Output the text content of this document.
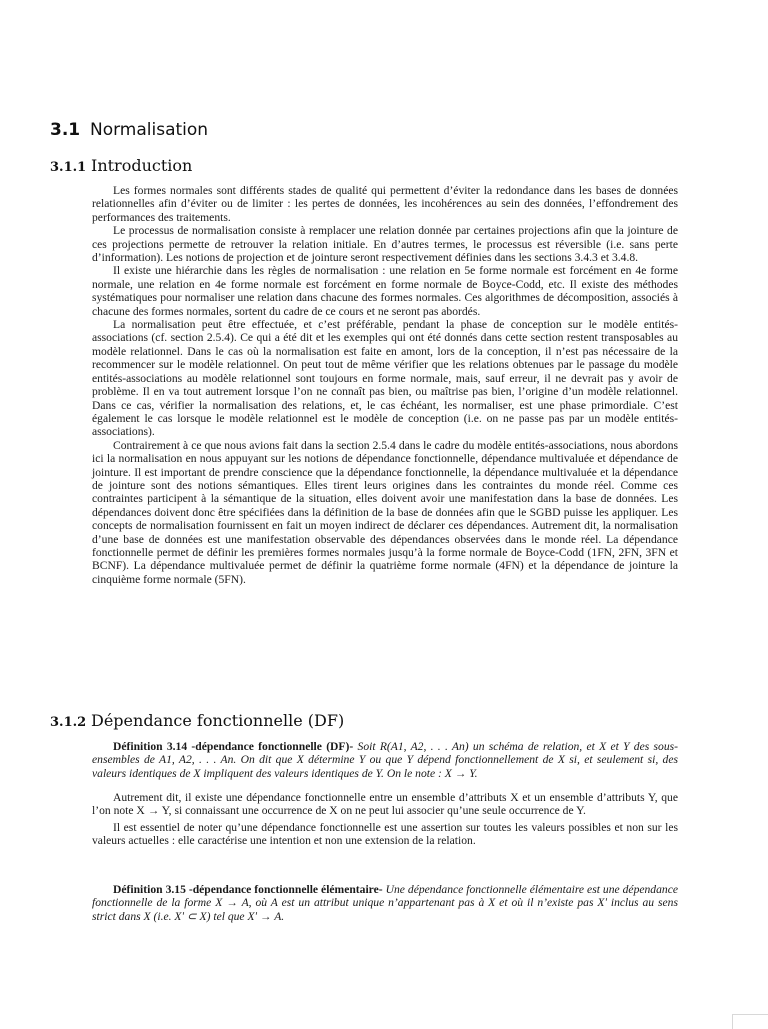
3.1 Normalisation
3.1.1 Introduction

Les formes normales sont différents stades de qualité qui permettent d’éviter la redondance dans les bases de données relationnelles afin d’éviter ou de limiter : les pertes de données, les incohérences au sein des données, l’effondrement des performances des traitements.

Le processus de normalisation consiste à remplacer une relation donnée par certaines projections afin que la jointure de ces projections permette de retrouver la relation initiale. En d’autres termes, le processus est réversible (i.e. sans perte d’information). Les notions de projection et de jointure seront respectivement définies dans les sections 3.4.3 et 3.4.8.

Il existe une hiérarchie dans les règles de normalisation : une relation en 5e forme normale est forcément en 4e forme normale, une relation en 4e forme normale est forcément en forme normale de Boyce-Codd, etc. Il existe des méthodes systématiques pour normaliser une relation dans chacune des formes normales. Ces algorithmes de décomposition, associés à chacune des formes normales, sortent du cadre de ce cours et ne seront pas abordés.

La normalisation peut être effectuée, et c’est préférable, pendant la phase de conception sur le modèle entités-associations (cf. section 2.5.4). Ce qui a été dit et les exemples qui ont été donnés dans cette section restent transposables au modèle relationnel. Dans le cas où la normalisation est faite en amont, lors de la conception, il n’est pas nécessaire de la recommencer sur le modèle relationnel. On peut tout de même vérifier que les relations obtenues par le passage du modèle entités-associations au modèle relationnel sont toujours en forme normale, mais, sauf erreur, il ne devrait pas y avoir de problème. Il en va tout autrement lorsque l’on ne connaît pas bien, ou maîtrise pas bien, l’origine d’un modèle relationnel. Dans ce cas, vérifier la normalisation des relations, et, le cas échéant, les normaliser, est une phase primordiale. C’est également le cas lorsque le modèle relationnel est le modèle de conception (i.e. on ne passe pas par un modèle entités-associations).

Contrairement à ce que nous avions fait dans la section 2.5.4 dans le cadre du modèle entités-associations, nous abordons ici la normalisation en nous appuyant sur les notions de dépendance fonctionnelle, dépendance multivaluée et dépendance de jointure. Il est important de prendre conscience que la dépendance fonctionnelle, la dépendance multivaluée et la dépendance de jointure sont des notions sémantiques. Elles tirent leurs origines dans les contraintes du monde réel. Comme ces contraintes participent à la sémantique de la situation, elles doivent avoir une manifestation dans la base de données. Les dépendances doivent donc être spécifiées dans la définition de la base de données afin que le SGBD puisse les appliquer. Les concepts de normalisation fournissent en fait un moyen indirect de déclarer ces dépendances. Autrement dit, la normalisation d’une base de données est une manifestation observable des dépendances observées dans le monde réel. La dépendance fonctionnelle permet de définir les premières formes normales jusqu’à la forme normale de Boyce-Codd (1FN, 2FN, 3FN et BCNF). La dépendance multivaluée permet de définir la quatrième forme normale (4FN) et la dépendance de jointure la cinquième forme normale (5FN).

3.1.2 Dépendance fonctionnelle (DF)

Définition 3.14 -dépendance fonctionnelle (DF)- Soit R(A1, A2, . . . An) un schéma de relation, et X et Y des sous-ensembles de A1, A2, . . . An. On dit que X détermine Y ou que Y dépend fonctionnellement de X si, et seulement si, des valeurs identiques de X impliquent des valeurs identiques de Y. On le note : X → Y.

Autrement dit, il existe une dépendance fonctionnelle entre un ensemble d’attributs X et un ensemble d’attributs Y, que l’on note X → Y, si connaissant une occurrence de X on ne peut lui associer qu’une seule occurrence de Y.

Il est essentiel de noter qu’une dépendance fonctionnelle est une assertion sur toutes les valeurs possibles et non sur les valeurs actuelles : elle caractérise une intention et non une extension de la relation.

Définition 3.15 -dépendance fonctionnelle élémentaire- Une dépendance fonctionnelle élémentaire est une dépendance fonctionnelle de la forme X → A, où A est un attribut unique n’appartenant pas à X et où il n’existe pas Xʹ inclus au sens strict dans X (i.e. Xʹ ⊂ X) tel que Xʹ → A.
